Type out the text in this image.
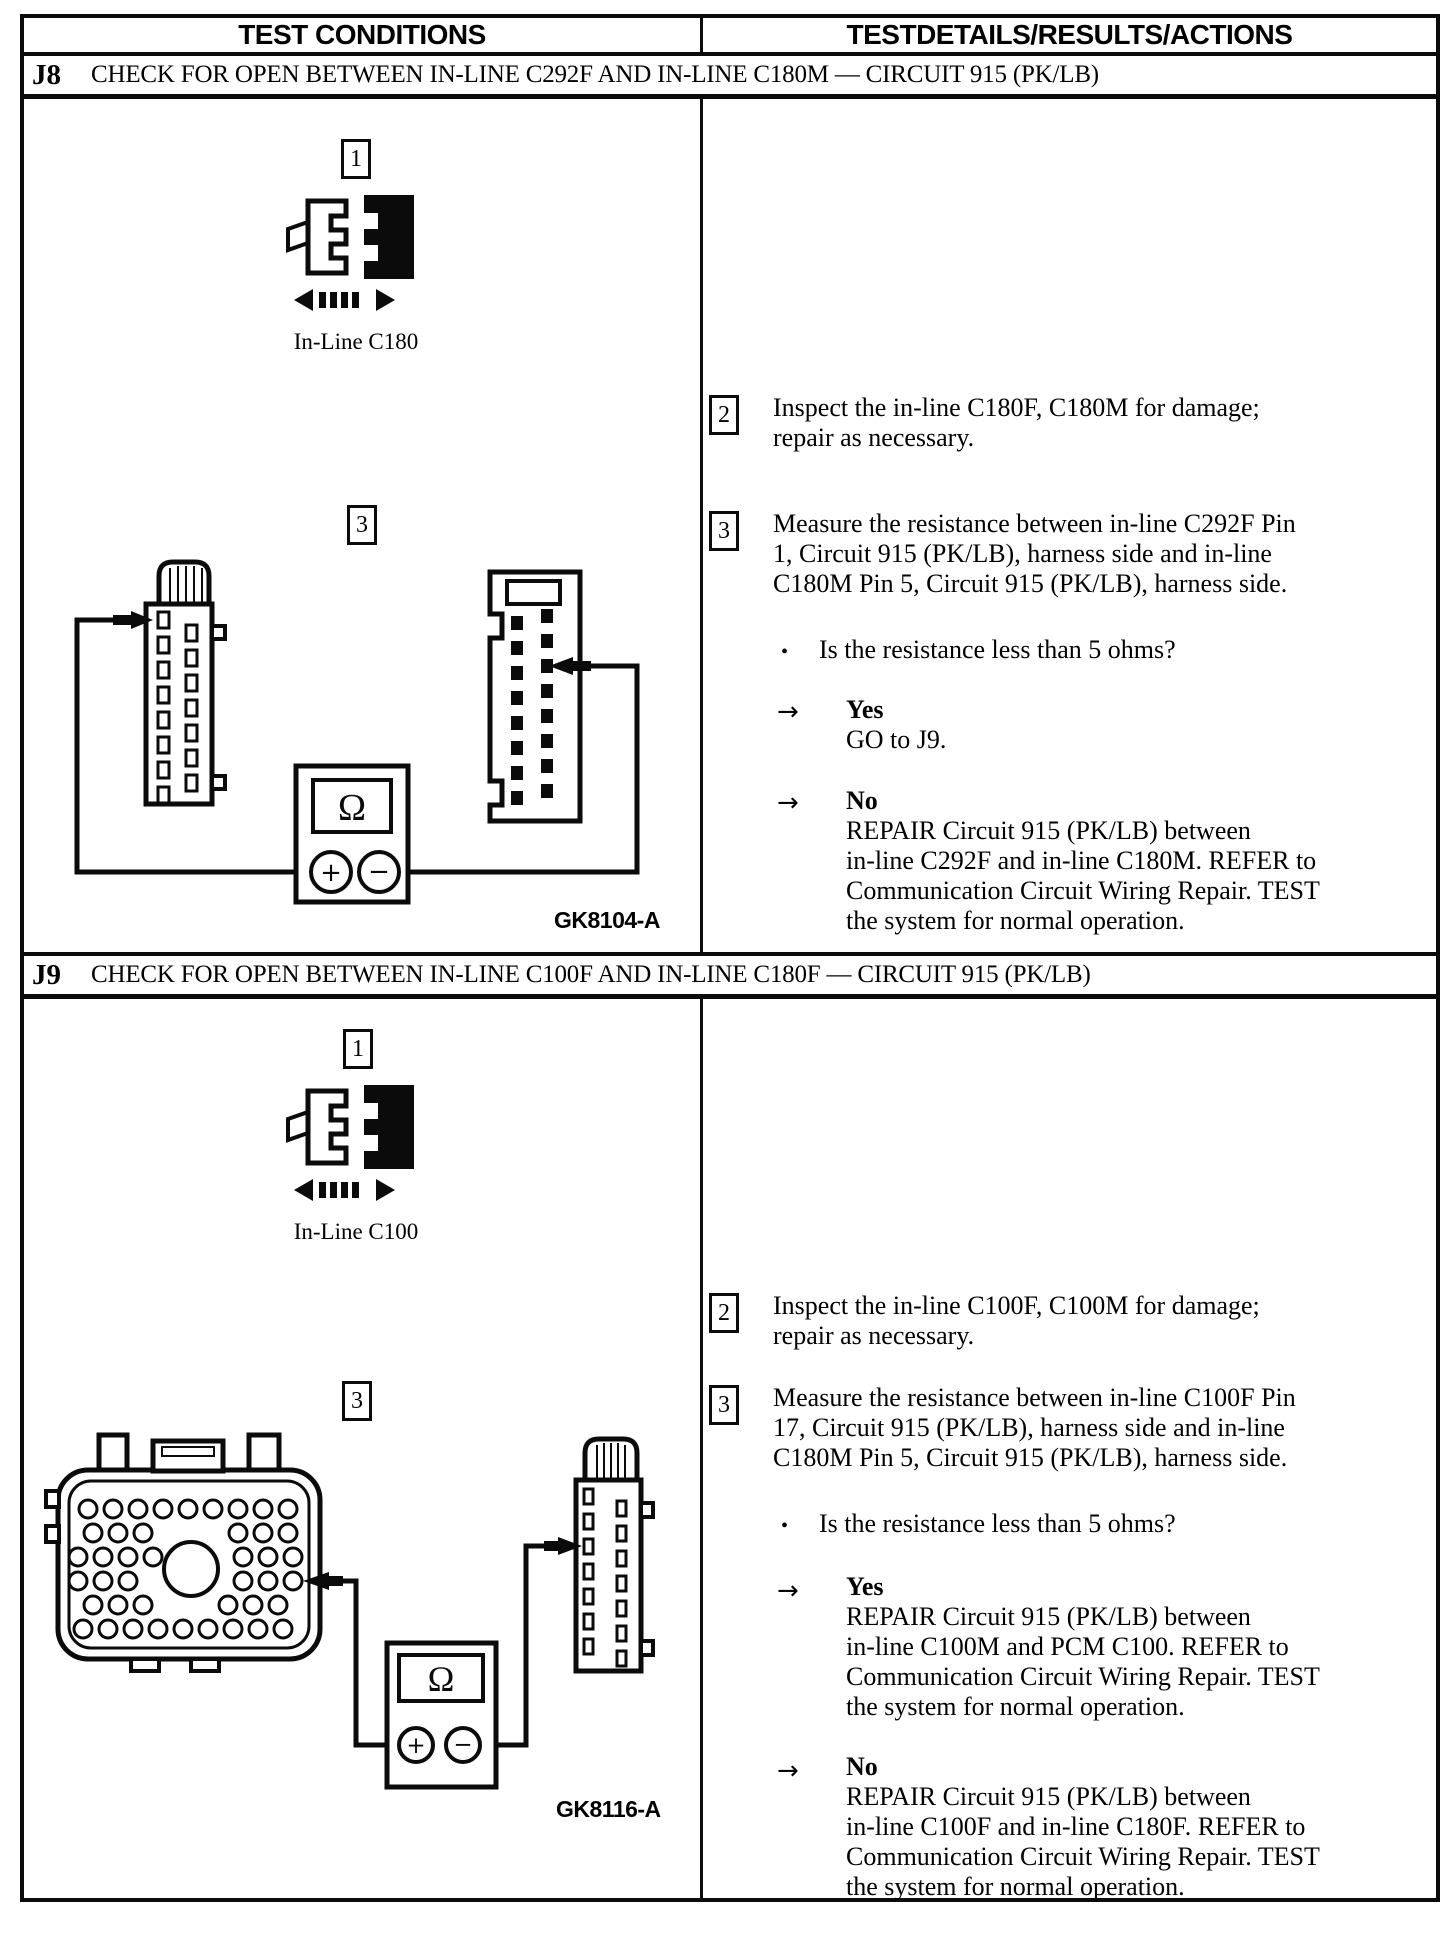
TEST CONDITIONS	TESTDETAILS/RESULTS/ACTIONS
J8 CHECK FOR OPEN BETWEEN IN-LINE C292F AND IN-LINE C180M — CIRCUIT 915 (PK/LB)
1
In-Line C180
3
Ω
+ −
GK8104-A
2	Inspect the in-line C180F, C180M for damage;
repair as necessary.
3	Measure the resistance between in-line C292F Pin
1, Circuit 915 (PK/LB), harness side and in-line
C180M Pin 5, Circuit 915 (PK/LB), harness side.
• Is the resistance less than 5 ohms?
→ Yes
GO to J9.
→ No
REPAIR Circuit 915 (PK/LB) between
in-line C292F and in-line C180M. REFER to
Communication Circuit Wiring Repair. TEST
the system for normal operation.
J9 CHECK FOR OPEN BETWEEN IN-LINE C100F AND IN-LINE C180F — CIRCUIT 915 (PK/LB)
1
In-Line C100
3
Ω
+ −
GK8116-A
2	Inspect the in-line C100F, C100M for damage;
repair as necessary.
3	Measure the resistance between in-line C100F Pin
17, Circuit 915 (PK/LB), harness side and in-line
C180M Pin 5, Circuit 915 (PK/LB), harness side.
• Is the resistance less than 5 ohms?
→ Yes
REPAIR Circuit 915 (PK/LB) between
in-line C100M and PCM C100. REFER to
Communication Circuit Wiring Repair. TEST
the system for normal operation.
→ No
REPAIR Circuit 915 (PK/LB) between
in-line C100F and in-line C180F. REFER to
Communication Circuit Wiring Repair. TEST
the system for normal operation.
